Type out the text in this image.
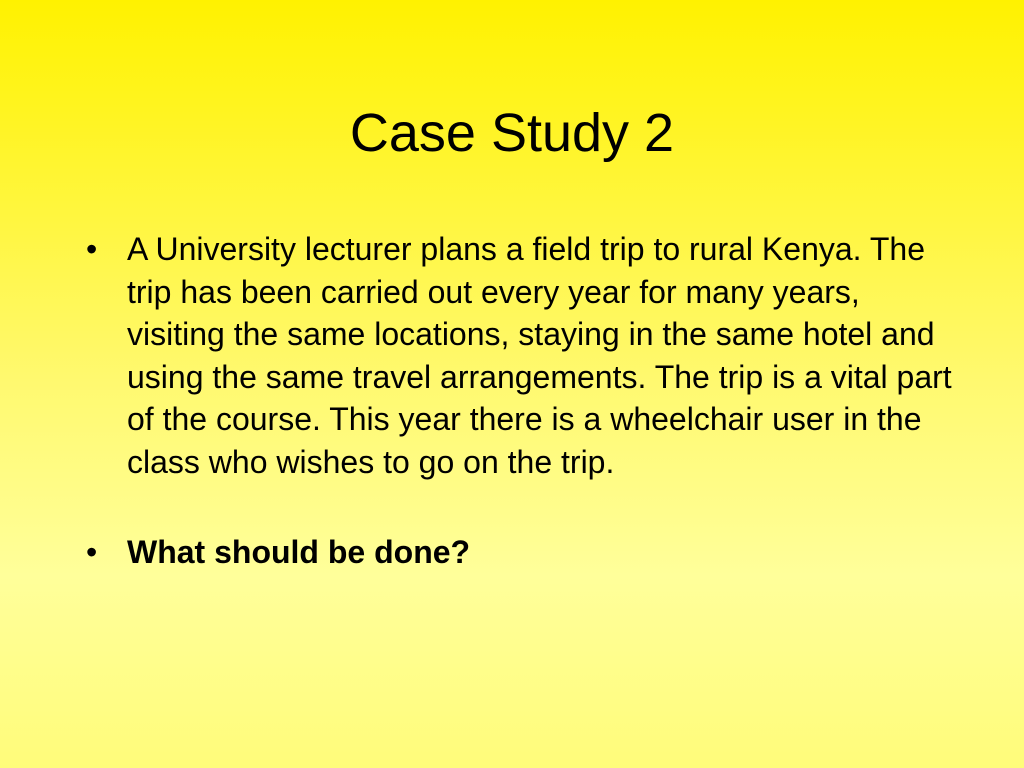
Case Study 2
• A University lecturer plans a field trip to rural Kenya. The trip has been carried out every year for many years, visiting the same locations, staying in the same hotel and using the same travel arrangements. The trip is a vital part of the course. This year there is a wheelchair user in the class who wishes to go on the trip.
• What should be done?
